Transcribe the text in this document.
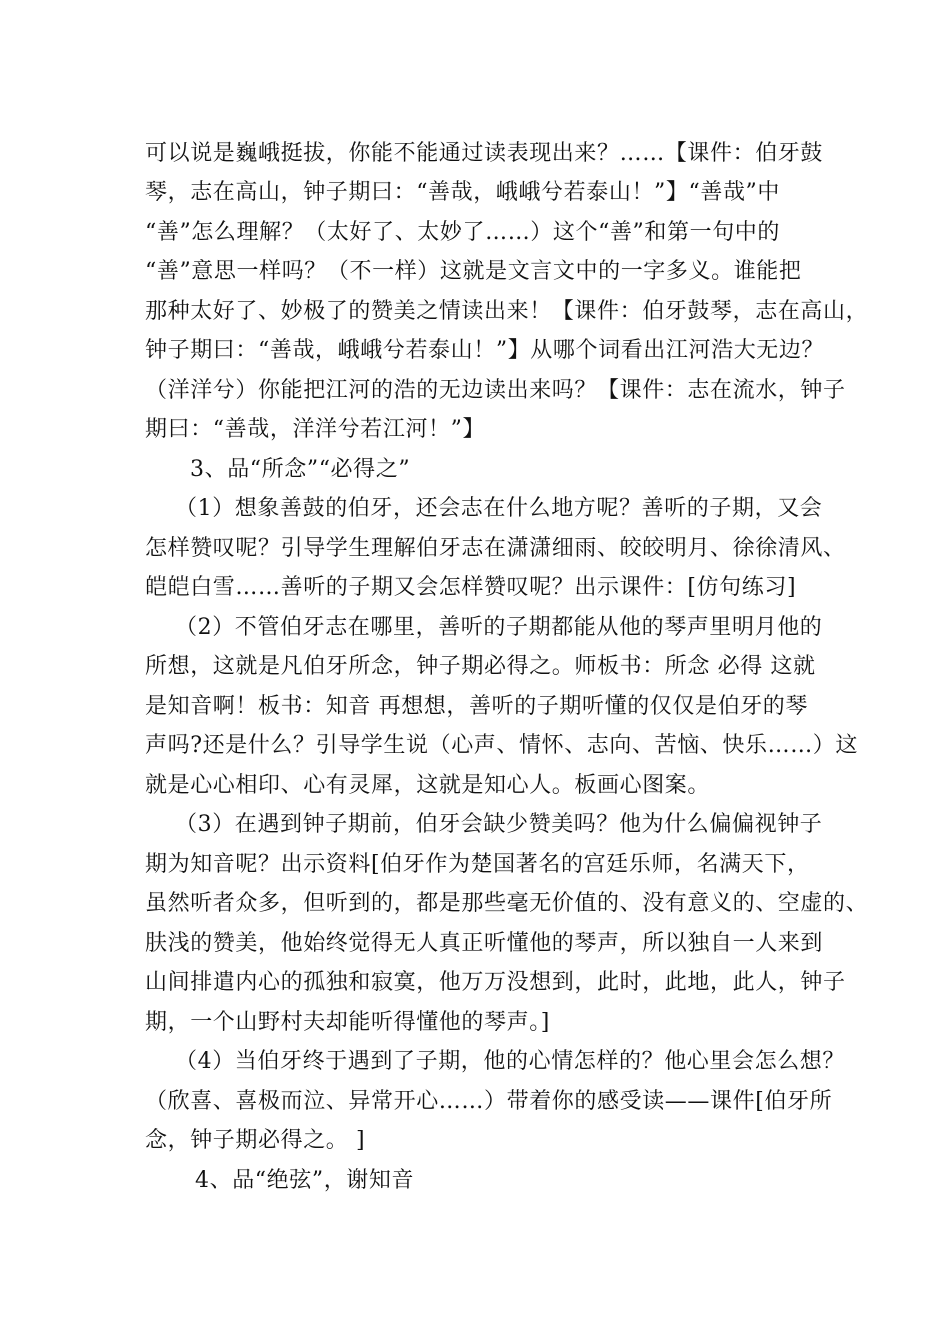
可以说是巍峨挺拔，你能不能通过读表现出来？……【课件：伯牙鼓
琴，志在高山，钟子期曰：“善哉，峨峨兮若泰山！”】“善哉”中
“善”怎么理解？（太好了、太妙了……）这个“善”和第一句中的
“善”意思一样吗？（不一样）这就是文言文中的一字多义。谁能把
那种太好了、妙极了的赞美之情读出来！【课件：伯牙鼓琴，志在高山，
钟子期曰：“善哉，峨峨兮若泰山！”】从哪个词看出江河浩大无边？
（洋洋兮）你能把江河的浩的无边读出来吗？【课件：志在流水，钟子
期曰：“善哉，洋洋兮若江河！”】
3、品“所念”“必得之”
（1）想象善鼓的伯牙，还会志在什么地方呢？善听的子期，又会
怎样赞叹呢？引导学生理解伯牙志在潇潇细雨、皎皎明月、徐徐清风、
皑皑白雪……善听的子期又会怎样赞叹呢？出示课件：[仿句练习]
（2）不管伯牙志在哪里，善听的子期都能从他的琴声里明月他的
所想，这就是凡伯牙所念，钟子期必得之。师板书：所念 必得 这就
是知音啊！板书：知音 再想想，善听的子期听懂的仅仅是伯牙的琴
声吗?还是什么？引导学生说（心声、情怀、志向、苦恼、快乐……）这
就是心心相印、心有灵犀，这就是知心人。板画心图案。
（3）在遇到钟子期前，伯牙会缺少赞美吗？他为什么偏偏视钟子
期为知音呢？出示资料[伯牙作为楚国著名的宫廷乐师，名满天下，
虽然听者众多，但听到的，都是那些毫无价值的、没有意义的、空虚的、
肤浅的赞美，他始终觉得无人真正听懂他的琴声，所以独自一人来到
山间排遣内心的孤独和寂寞，他万万没想到，此时，此地，此人，钟子
期，一个山野村夫却能听得懂他的琴声。]
（4）当伯牙终于遇到了子期，他的心情怎样的？他心里会怎么想？
（欣喜、喜极而泣、异常开心……）带着你的感受读——课件[伯牙所
念，钟子期必得之。 ]
4、品“绝弦”，谢知音
